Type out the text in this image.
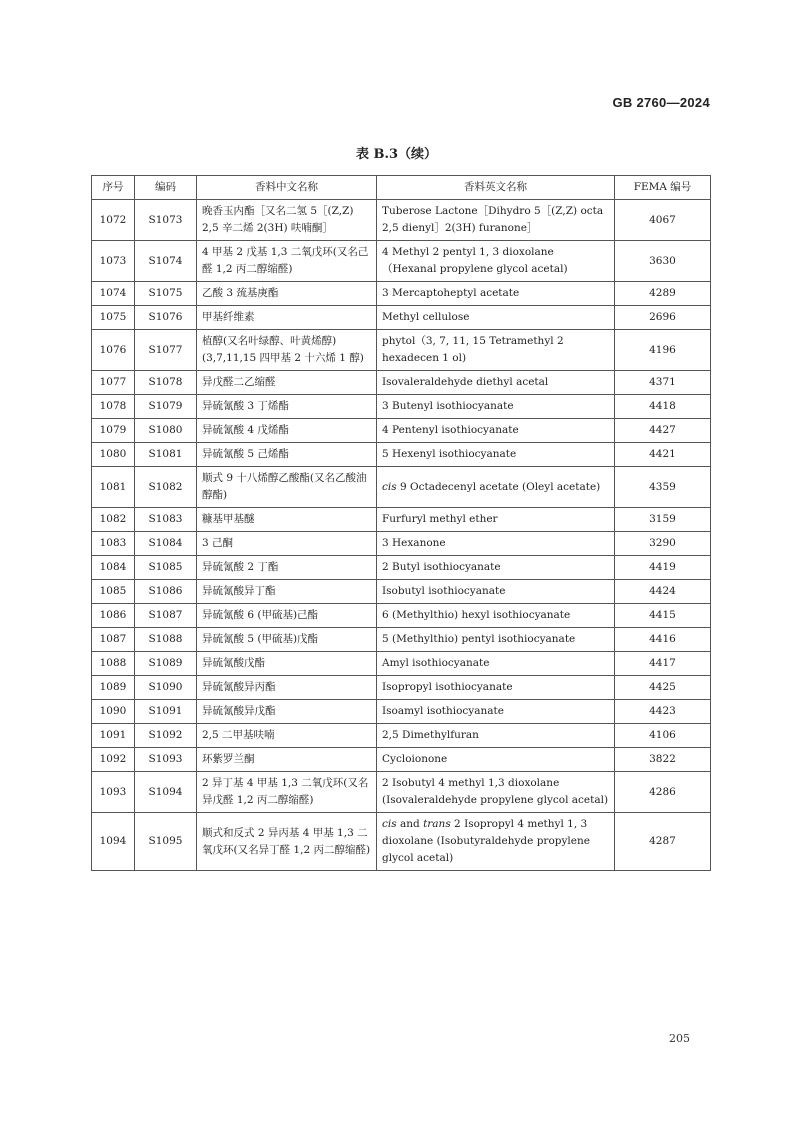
GB 2760—2024
表 B.3（续）
序号	编码	香料中文名称	香料英文名称	FEMA 编号
1072	S1073	晚香玉内酯［又名二氢 5［(Z,Z) 2,5 辛二烯 2(3H) 呋喃酮］	Tuberose Lactone［Dihydro 5［(Z,Z) octa 2,5 dienyl］2(3H) furanone］	4067
1073	S1074	4 甲基 2 戊基 1,3 二氧戊环(又名己醛 1,2 丙二醇缩醛)	4 Methyl 2 pentyl 1, 3 dioxolane （Hexanal propylene glycol acetal)	3630
1074	S1075	乙酸 3 巯基庚酯	3 Mercaptoheptyl acetate	4289
1075	S1076	甲基纤维素	Methyl cellulose	2696
1076	S1077	植醇(又名叶绿醇、叶黄烯醇)(3,7,11,15 四甲基 2 十六烯 1 醇)	phytol（3, 7, 11, 15 Tetramethyl 2 hexadecen 1 ol)	4196
1077	S1078	异戊醛二乙缩醛	Isovaleraldehyde diethyl acetal	4371
1078	S1079	异硫氰酸 3 丁烯酯	3 Butenyl isothiocyanate	4418
1079	S1080	异硫氰酸 4 戊烯酯	4 Pentenyl isothiocyanate	4427
1080	S1081	异硫氰酸 5 己烯酯	5 Hexenyl isothiocyanate	4421
1081	S1082	顺式 9 十八烯醇乙酸酯(又名乙酸油醇酯)	cis 9 Octadecenyl acetate (Oleyl acetate)	4359
1082	S1083	糠基甲基醚	Furfuryl methyl ether	3159
1083	S1084	3 己酮	3 Hexanone	3290
1084	S1085	异硫氰酸 2 丁酯	2 Butyl isothiocyanate	4419
1085	S1086	异硫氰酸异丁酯	Isobutyl isothiocyanate	4424
1086	S1087	异硫氰酸 6 (甲硫基)己酯	6 (Methylthio) hexyl isothiocyanate	4415
1087	S1088	异硫氰酸 5 (甲硫基)戊酯	5 (Methylthio) pentyl isothiocyanate	4416
1088	S1089	异硫氰酸戊酯	Amyl isothiocyanate	4417
1089	S1090	异硫氰酸异丙酯	Isopropyl isothiocyanate	4425
1090	S1091	异硫氰酸异戊酯	Isoamyl isothiocyanate	4423
1091	S1092	2,5 二甲基呋喃	2,5 Dimethylfuran	4106
1092	S1093	环紫罗兰酮	Cycloionone	3822
1093	S1094	2 异丁基 4 甲基 1,3 二氧戊环(又名异戊醛 1,2 丙二醇缩醛)	2 Isobutyl 4 methyl 1,3 dioxolane (Isovaleraldehyde propylene glycol acetal)	4286
1094	S1095	顺式和反式 2 异丙基 4 甲基 1,3 二氧戊环(又名异丁醛 1,2 丙二醇缩醛)	cis and trans 2 Isopropyl 4 methyl 1, 3 dioxolane (Isobutyraldehyde propylene glycol acetal)	4287
205
